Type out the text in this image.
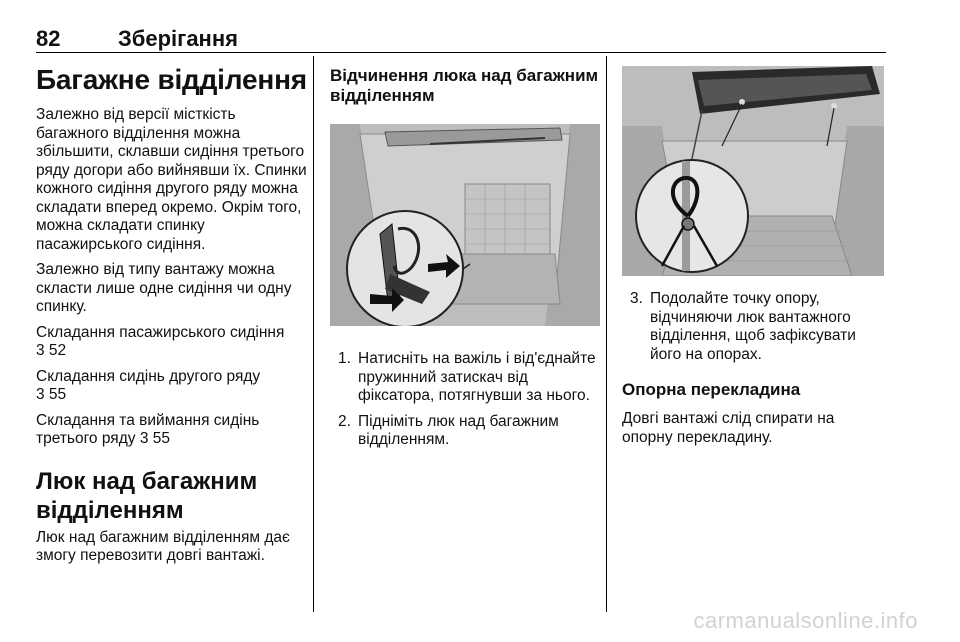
82	Зберігання
Багажне відділення

Залежно від версії місткість багажного відділення можна збільшити, склавши сидіння третього ряду догори або вийнявши їх. Спинки кожного сидіння другого ряду можна складати вперед окремо. Окрім того, можна складати спинку пасажирського сидіння.

Залежно від типу вантажу можна скласти лише одне сидіння чи одну спинку.

Складання пасажирського сидіння
3 52

Складання сидінь другого ряду
3 55

Складання та виймання сидінь третього ряду 3 55

Люк над багажним відділенням

Люк над багажним відділенням дає змогу перевозити довгі вантажі.

Відчинення люка над багажним відділенням
1. Натисніть на важіль і від'єднайте пружинний затискач від фіксатора, потягнувши за нього.
2. Підніміть люк над багажним відділенням.
3. Подолайте точку опору, відчиняючи люк вантажного відділення, щоб зафіксувати його на опорах.
Опорна перекладина

Довгі вантажі слід спирати на опорну перекладину.

carmanualsonline.info
